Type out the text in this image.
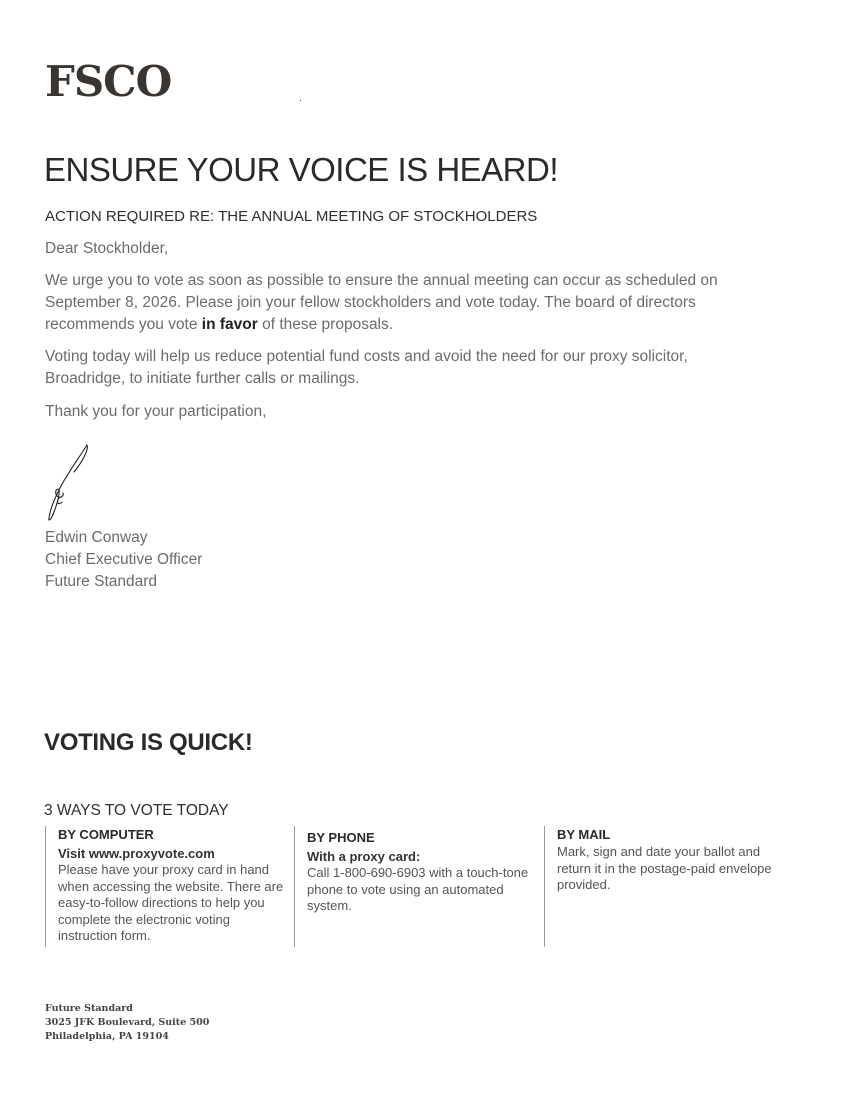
FSCO
ENSURE YOUR VOICE IS HEARD!
ACTION REQUIRED RE: THE ANNUAL MEETING OF STOCKHOLDERS

Dear Stockholder,

We urge you to vote as soon as possible to ensure the annual meeting can occur as scheduled on September 8, 2026. Please join your fellow stockholders and vote today. The board of directors recommends you vote in favor of these proposals.

Voting today will help us reduce potential fund costs and avoid the need for our proxy solicitor, Broadridge, to initiate further calls or mailings.

Thank you for your participation,

Edwin Conway
Chief Executive Officer
Future Standard
VOTING IS QUICK!
3 WAYS TO VOTE TODAY
BY COMPUTER
Visit www.proxyvote.com
Please have your proxy card in hand when accessing the website. There are easy-to-follow directions to help you complete the electronic voting instruction form.
BY PHONE
With a proxy card:
Call 1-800-690-6903 with a touch-tone phone to vote using an automated system.
BY MAIL
Mark, sign and date your ballot and return it in the postage-paid envelope provided.
Future Standard
3025 JFK Boulevard, Suite 500
Philadelphia, PA 19104
